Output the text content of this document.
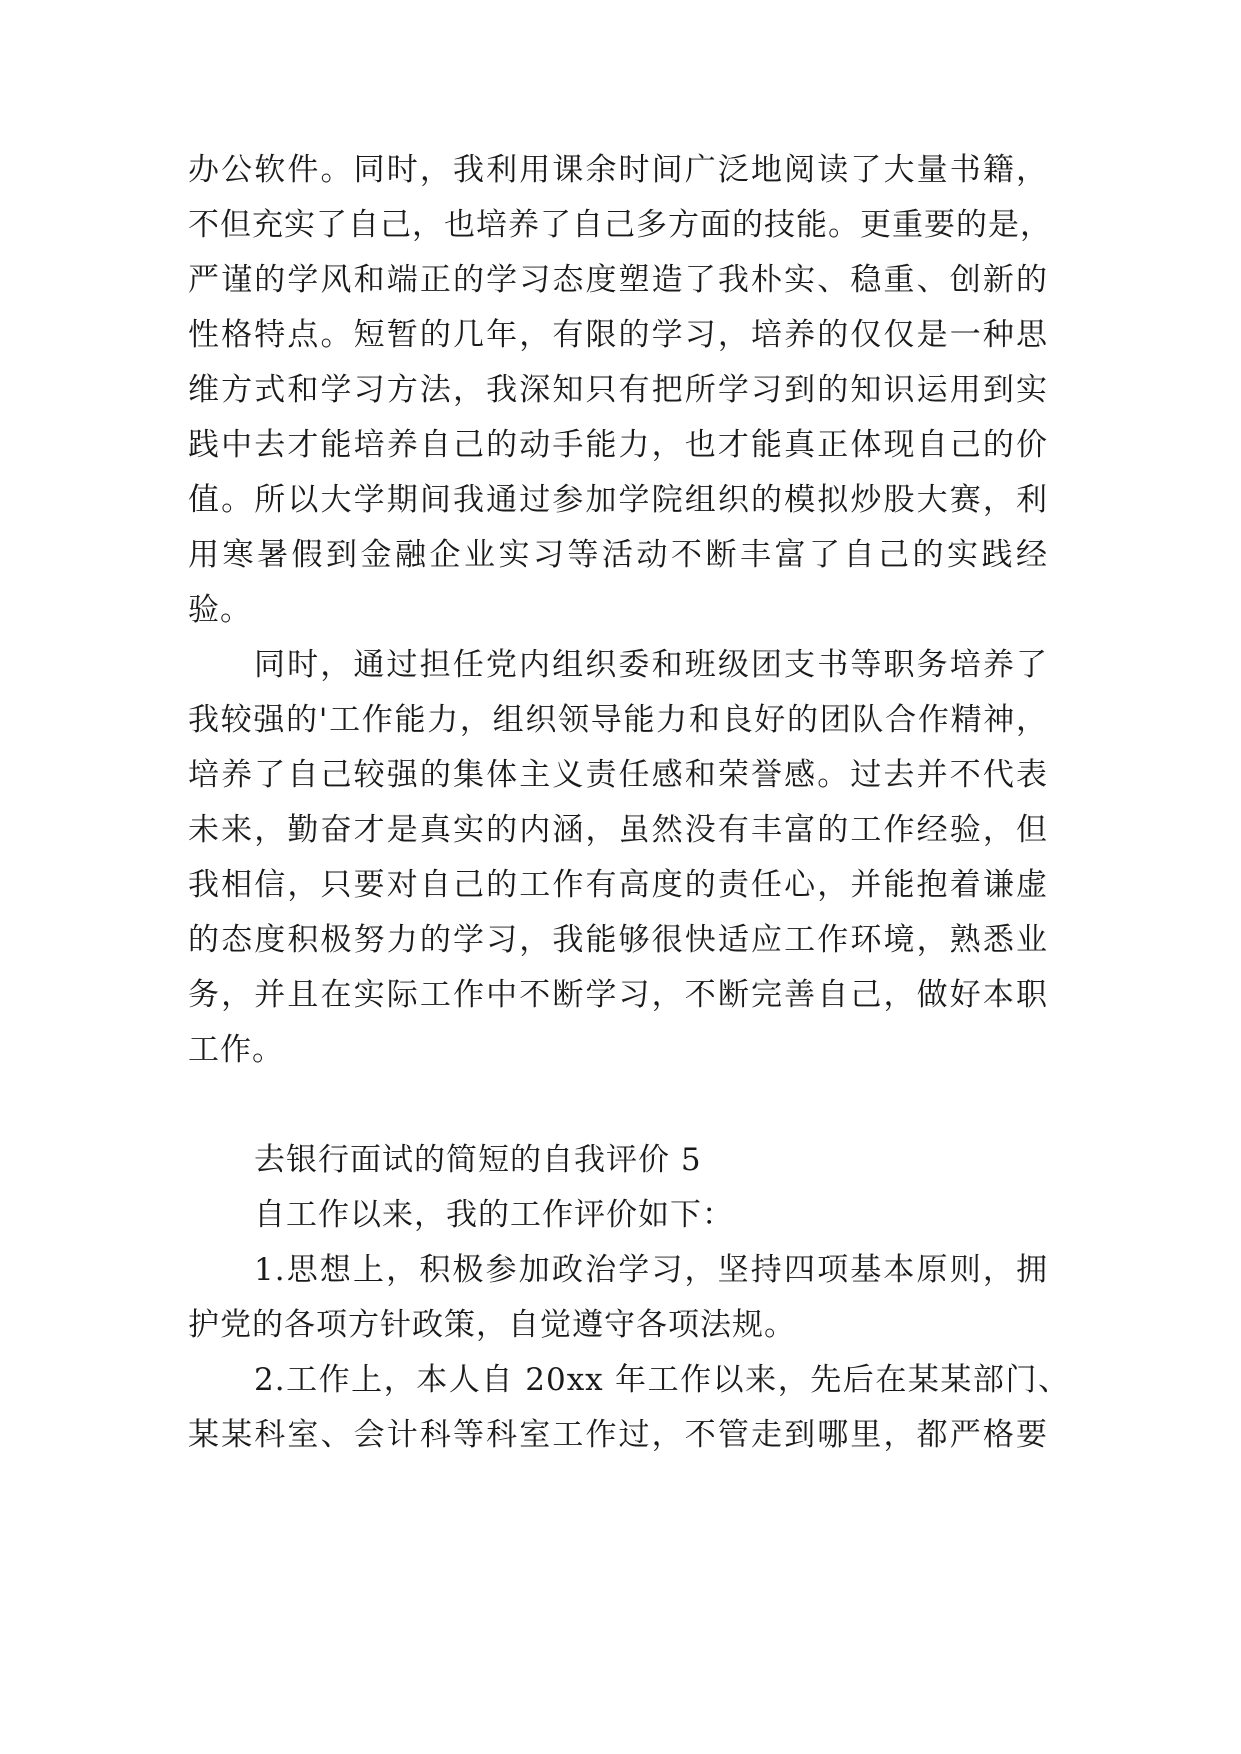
办公软件。同时，我利用课余时间广泛地阅读了大量书籍，
不但充实了自己，也培养了自己多方面的技能。更重要的是，
严谨的学风和端正的学习态度塑造了我朴实、稳重、创新的
性格特点。短暂的几年，有限的学习，培养的仅仅是一种思
维方式和学习方法，我深知只有把所学习到的知识运用到实
践中去才能培养自己的动手能力，也才能真正体现自己的价
值。所以大学期间我通过参加学院组织的模拟炒股大赛，利
用寒暑假到金融企业实习等活动不断丰富了自己的实践经
验。
同时，通过担任党内组织委和班级团支书等职务培养了
我较强的'工作能力，组织领导能力和良好的团队合作精神，
培养了自己较强的集体主义责任感和荣誉感。过去并不代表
未来，勤奋才是真实的内涵，虽然没有丰富的工作经验，但
我相信，只要对自己的工作有高度的责任心，并能抱着谦虚
的态度积极努力的学习，我能够很快适应工作环境，熟悉业
务，并且在实际工作中不断学习，不断完善自己，做好本职
工作。
去银行面试的简短的自我评价 5
自工作以来，我的工作评价如下：
1.思想上，积极参加政治学习，坚持四项基本原则，拥
护党的各项方针政策，自觉遵守各项法规。
2.工作上，本人自 20xx 年工作以来，先后在某某部门、
某某科室、会计科等科室工作过，不管走到哪里，都严格要
